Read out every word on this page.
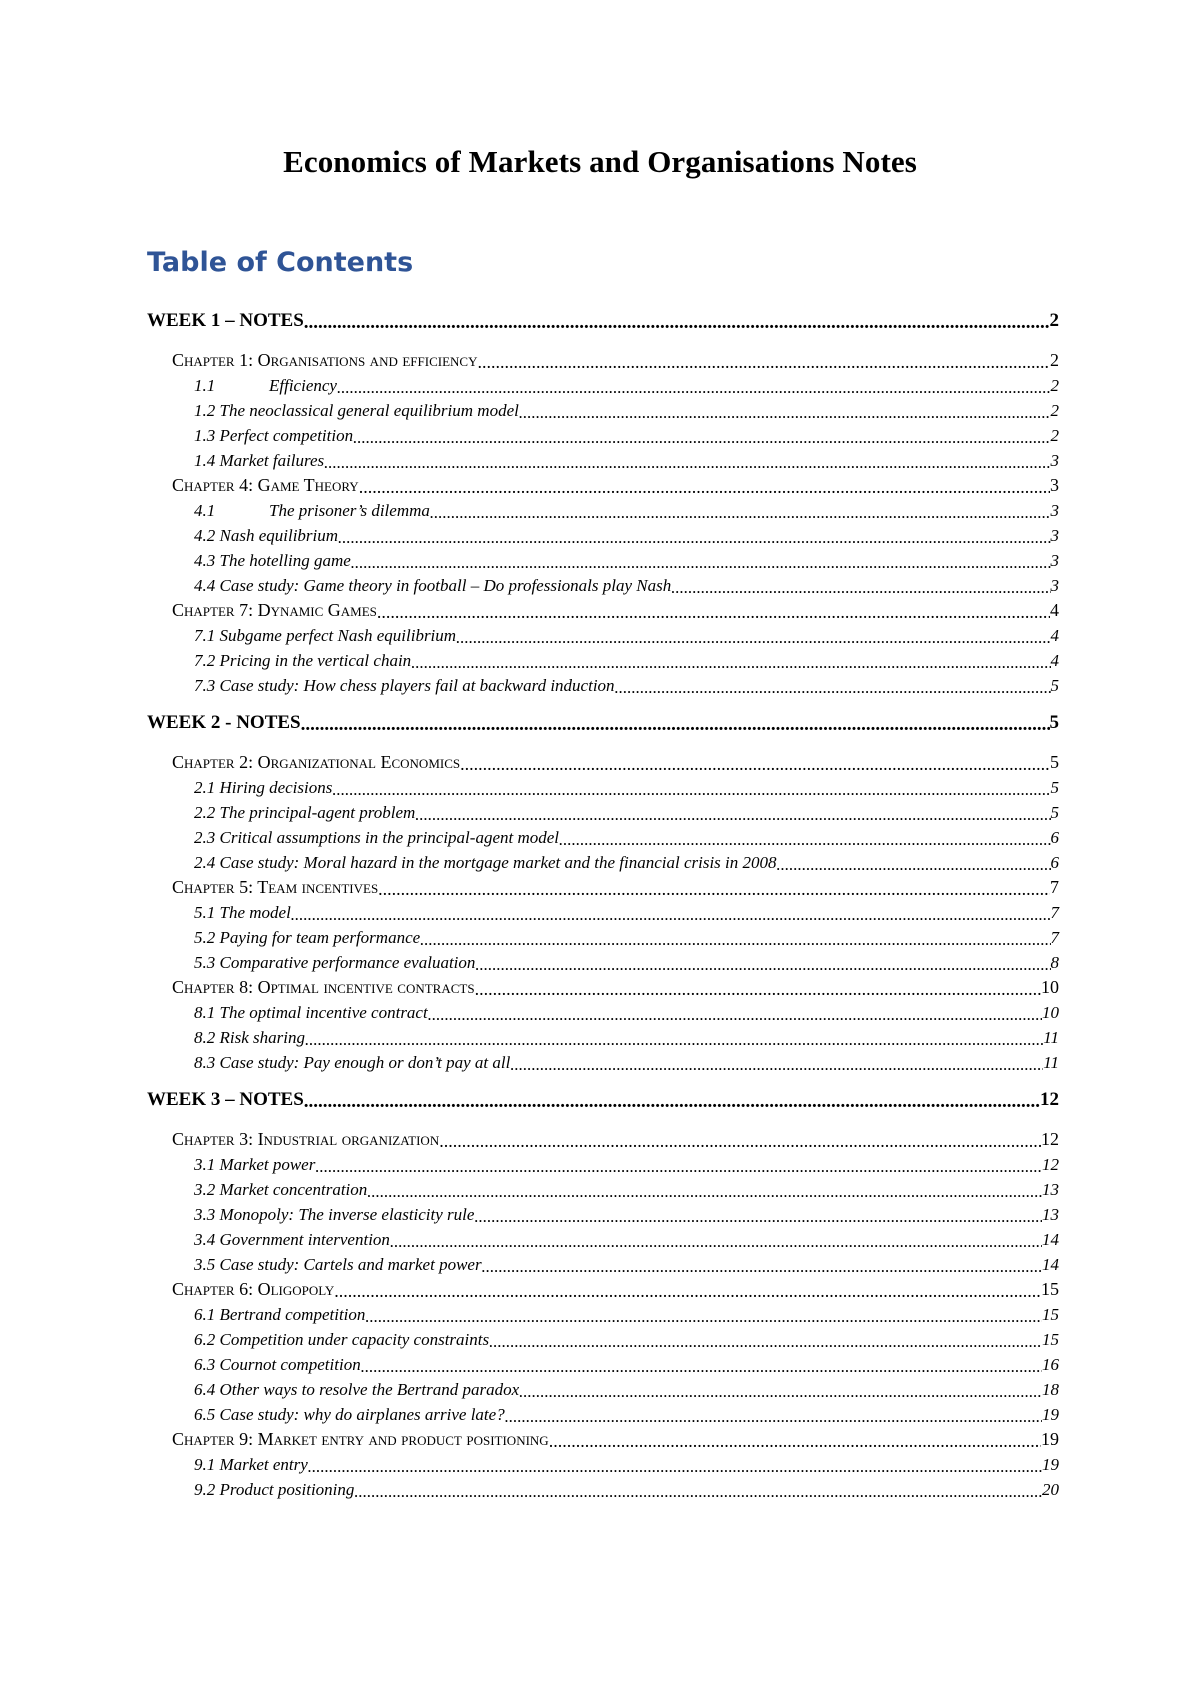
Economics of Markets and Organisations Notes
Table of Contents
WEEK 1 – NOTES .....	2
Chapter 1: Organisations and efficiency .....	2
1.1	Efficiency .....	2
1.2 The neoclassical general equilibrium model .....	2
1.3 Perfect competition .....	2
1.4 Market failures .....	3
Chapter 4: Game Theory .....	3
4.1	The prisoner’s dilemma .....	3
4.2 Nash equilibrium .....	3
4.3 The hotelling game .....	3
4.4 Case study: Game theory in football – Do professionals play Nash .....	3
Chapter 7: Dynamic Games .....	4
7.1 Subgame perfect Nash equilibrium .....	4
7.2 Pricing in the vertical chain .....	4
7.3 Case study: How chess players fail at backward induction .....	5
WEEK 2 - NOTES .....	5
Chapter 2: Organizational Economics .....	5
2.1 Hiring decisions .....	5
2.2 The principal-agent problem .....	5
2.3 Critical assumptions in the principal-agent model .....	6
2.4 Case study: Moral hazard in the mortgage market and the financial crisis in 2008 .....	6
Chapter 5: Team incentives .....	7
5.1 The model .....	7
5.2 Paying for team performance .....	7
5.3 Comparative performance evaluation .....	8
Chapter 8: Optimal incentive contracts .....	10
8.1 The optimal incentive contract .....	10
8.2 Risk sharing .....	11
8.3 Case study: Pay enough or don’t pay at all .....	11
WEEK 3 – NOTES .....	12
Chapter 3: Industrial organization .....	12
3.1 Market power .....	12
3.2 Market concentration .....	13
3.3 Monopoly: The inverse elasticity rule .....	13
3.4 Government intervention .....	14
3.5 Case study: Cartels and market power .....	14
Chapter 6: Oligopoly .....	15
6.1 Bertrand competition .....	15
6.2 Competition under capacity constraints .....	15
6.3 Cournot competition .....	16
6.4 Other ways to resolve the Bertrand paradox .....	18
6.5 Case study: why do airplanes arrive late? .....	19
Chapter 9: Market entry and product positioning .....	19
9.1 Market entry .....	19
9.2 Product positioning .....	20
